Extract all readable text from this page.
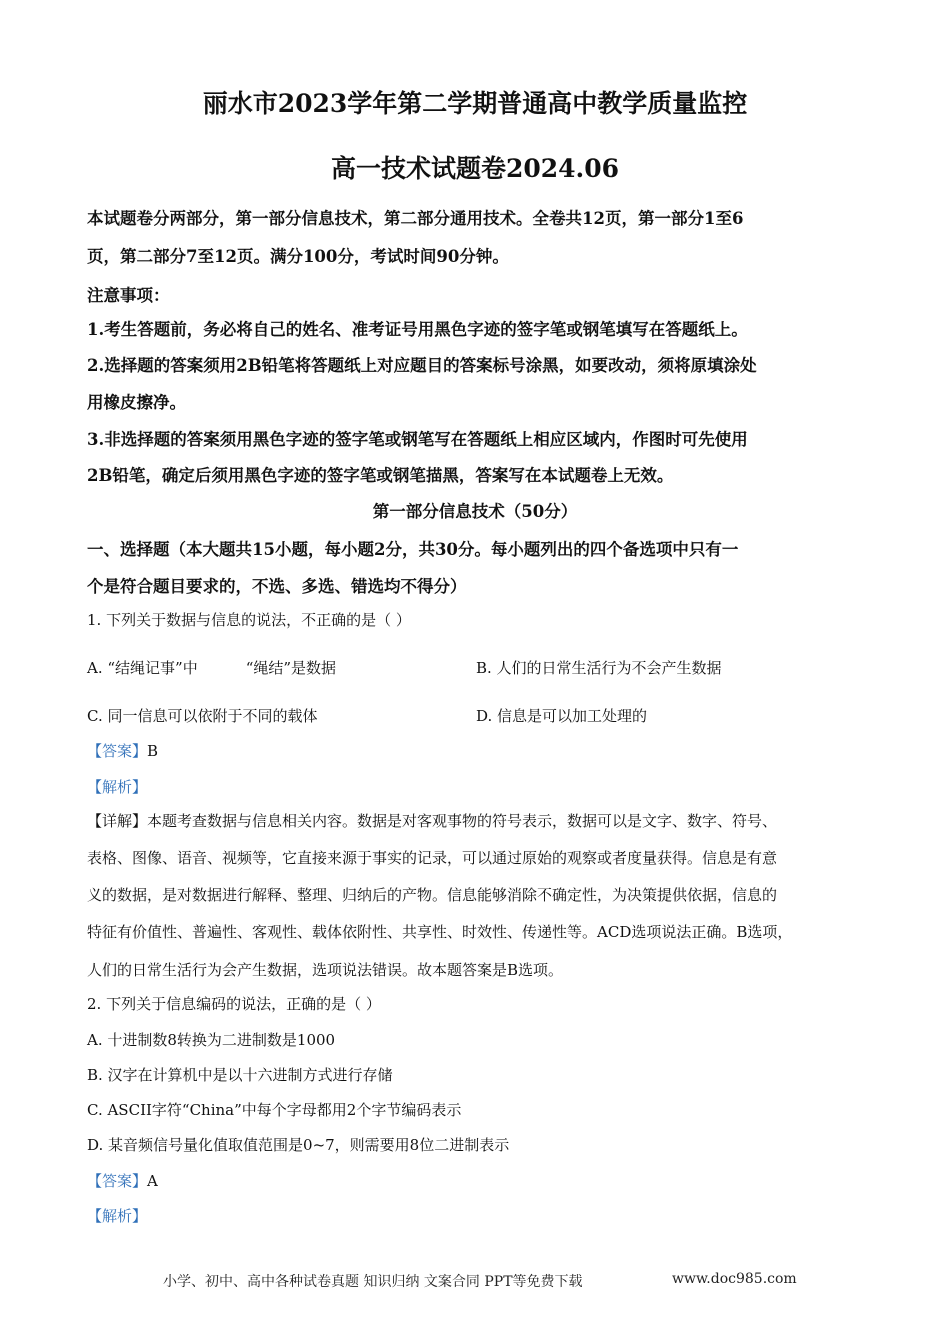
丽水市2023学年第二学期普通高中教学质量监控
高一技术试题卷2024.06
本试题卷分两部分，第一部分信息技术，第二部分通用技术。全卷共12页，第一部分1至6
页，第二部分7至12页。满分100分，考试时间90分钟。
注意事项：
1.考生答题前，务必将自己的姓名、准考证号用黑色字迹的签字笔或钢笔填写在答题纸上。
2.选择题的答案须用2B铅笔将答题纸上对应题目的答案标号涂黑，如要改动，须将原填涂处
用橡皮擦净。
3.非选择题的答案须用黑色字迹的签字笔或钢笔写在答题纸上相应区域内，作图时可先使用
2B铅笔，确定后须用黑色字迹的签字笔或钢笔描黑，答案写在本试题卷上无效。
第一部分信息技术（50分）
一、选择题（本大题共15小题，每小题2分，共30分。每小题列出的四个备选项中只有一
个是符合题目要求的，不选、多选、错选均不得分）
1. 下列关于数据与信息的说法，不正确的是（ ）
A. “结绳记事”中	“绳结”是数据	B. 人们的日常生活行为不会产生数据
C. 同一信息可以依附于不同的载体	D. 信息是可以加工处理的
【答案】B
【解析】
【详解】本题考查数据与信息相关内容。数据是对客观事物的符号表示，数据可以是文字、数字、符号、
表格、图像、语音、视频等，它直接来源于事实的记录，可以通过原始的观察或者度量获得。信息是有意
义的数据，是对数据进行解释、整理、归纳后的产物。信息能够消除不确定性，为决策提供依据，信息的
特征有价值性、普遍性、客观性、载体依附性、共享性、时效性、传递性等。ACD选项说法正确。B选项，
人们的日常生活行为会产生数据，选项说法错误。故本题答案是B选项。
2. 下列关于信息编码的说法，正确的是（ ）
A. 十进制数8转换为二进制数是1000
B. 汉字在计算机中是以十六进制方式进行存储
C. ASCII字符“China”中每个字母都用2个字节编码表示
D. 某音频信号量化值取值范围是0~7，则需要用8位二进制表示
【答案】A
【解析】
小学、初中、高中各种试卷真题 知识归纳 文案合同 PPT等免费下载	www.doc985.com
